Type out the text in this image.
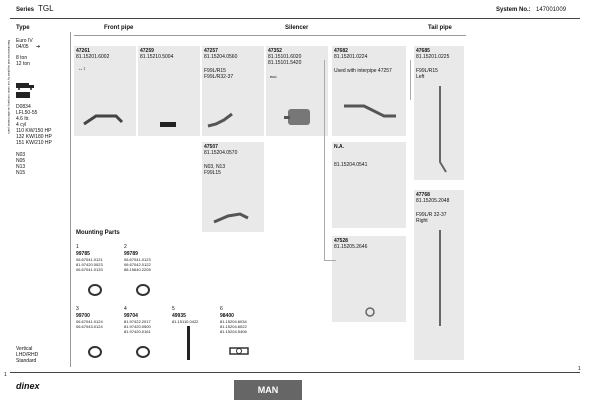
Series TGL	System No.: 147001009
Type	Front pipe	Silencer	Tail pipe
Euro IV
04/05 ➔
8 ton
12 ton
D0834
LFL50-55
4.6 ltr.
4 cyl
110 KW/150 HP
132 KW/180 HP
151 KW/210 HP
N03
N05
N13
N15
Vertical
LHD/RHD
Standard
Manufactured and supplied by our sister company as aftermarket parts	47261
81.15201.6002
↔↕
47259
81.15210.5004
47257
81.15204.0560
F99L/R15
F99L/R32-37
47352
81.15101.6020
81.15101.5420
eco
47682
81.15201.0224
Used with interpipe 47257
47685
81.15201.0225
F99L/R15
Left
47507
81.15204.0570
N03, N13
F99L15
N.A.
81.15204.0541
47768
81.15205.2048
F99L/R 32-37
Right
47528
81.15205.2646
Mounting Parts
1
99785
06.67041.0121
81.97420.0023
06.67041.0133
2
99789
06.67041.0123
06.67042.0122
88.15640.2205
3
99700
06.67041.0124
06.67043.0124
4
99704
81.97422.2017
81.97420.0500
81.97420.0161
5
49935
81.15110.0422
6
98400
81.15204.6034
81.15204.6022
81.15204.5406
1
1
dinex	MAN
